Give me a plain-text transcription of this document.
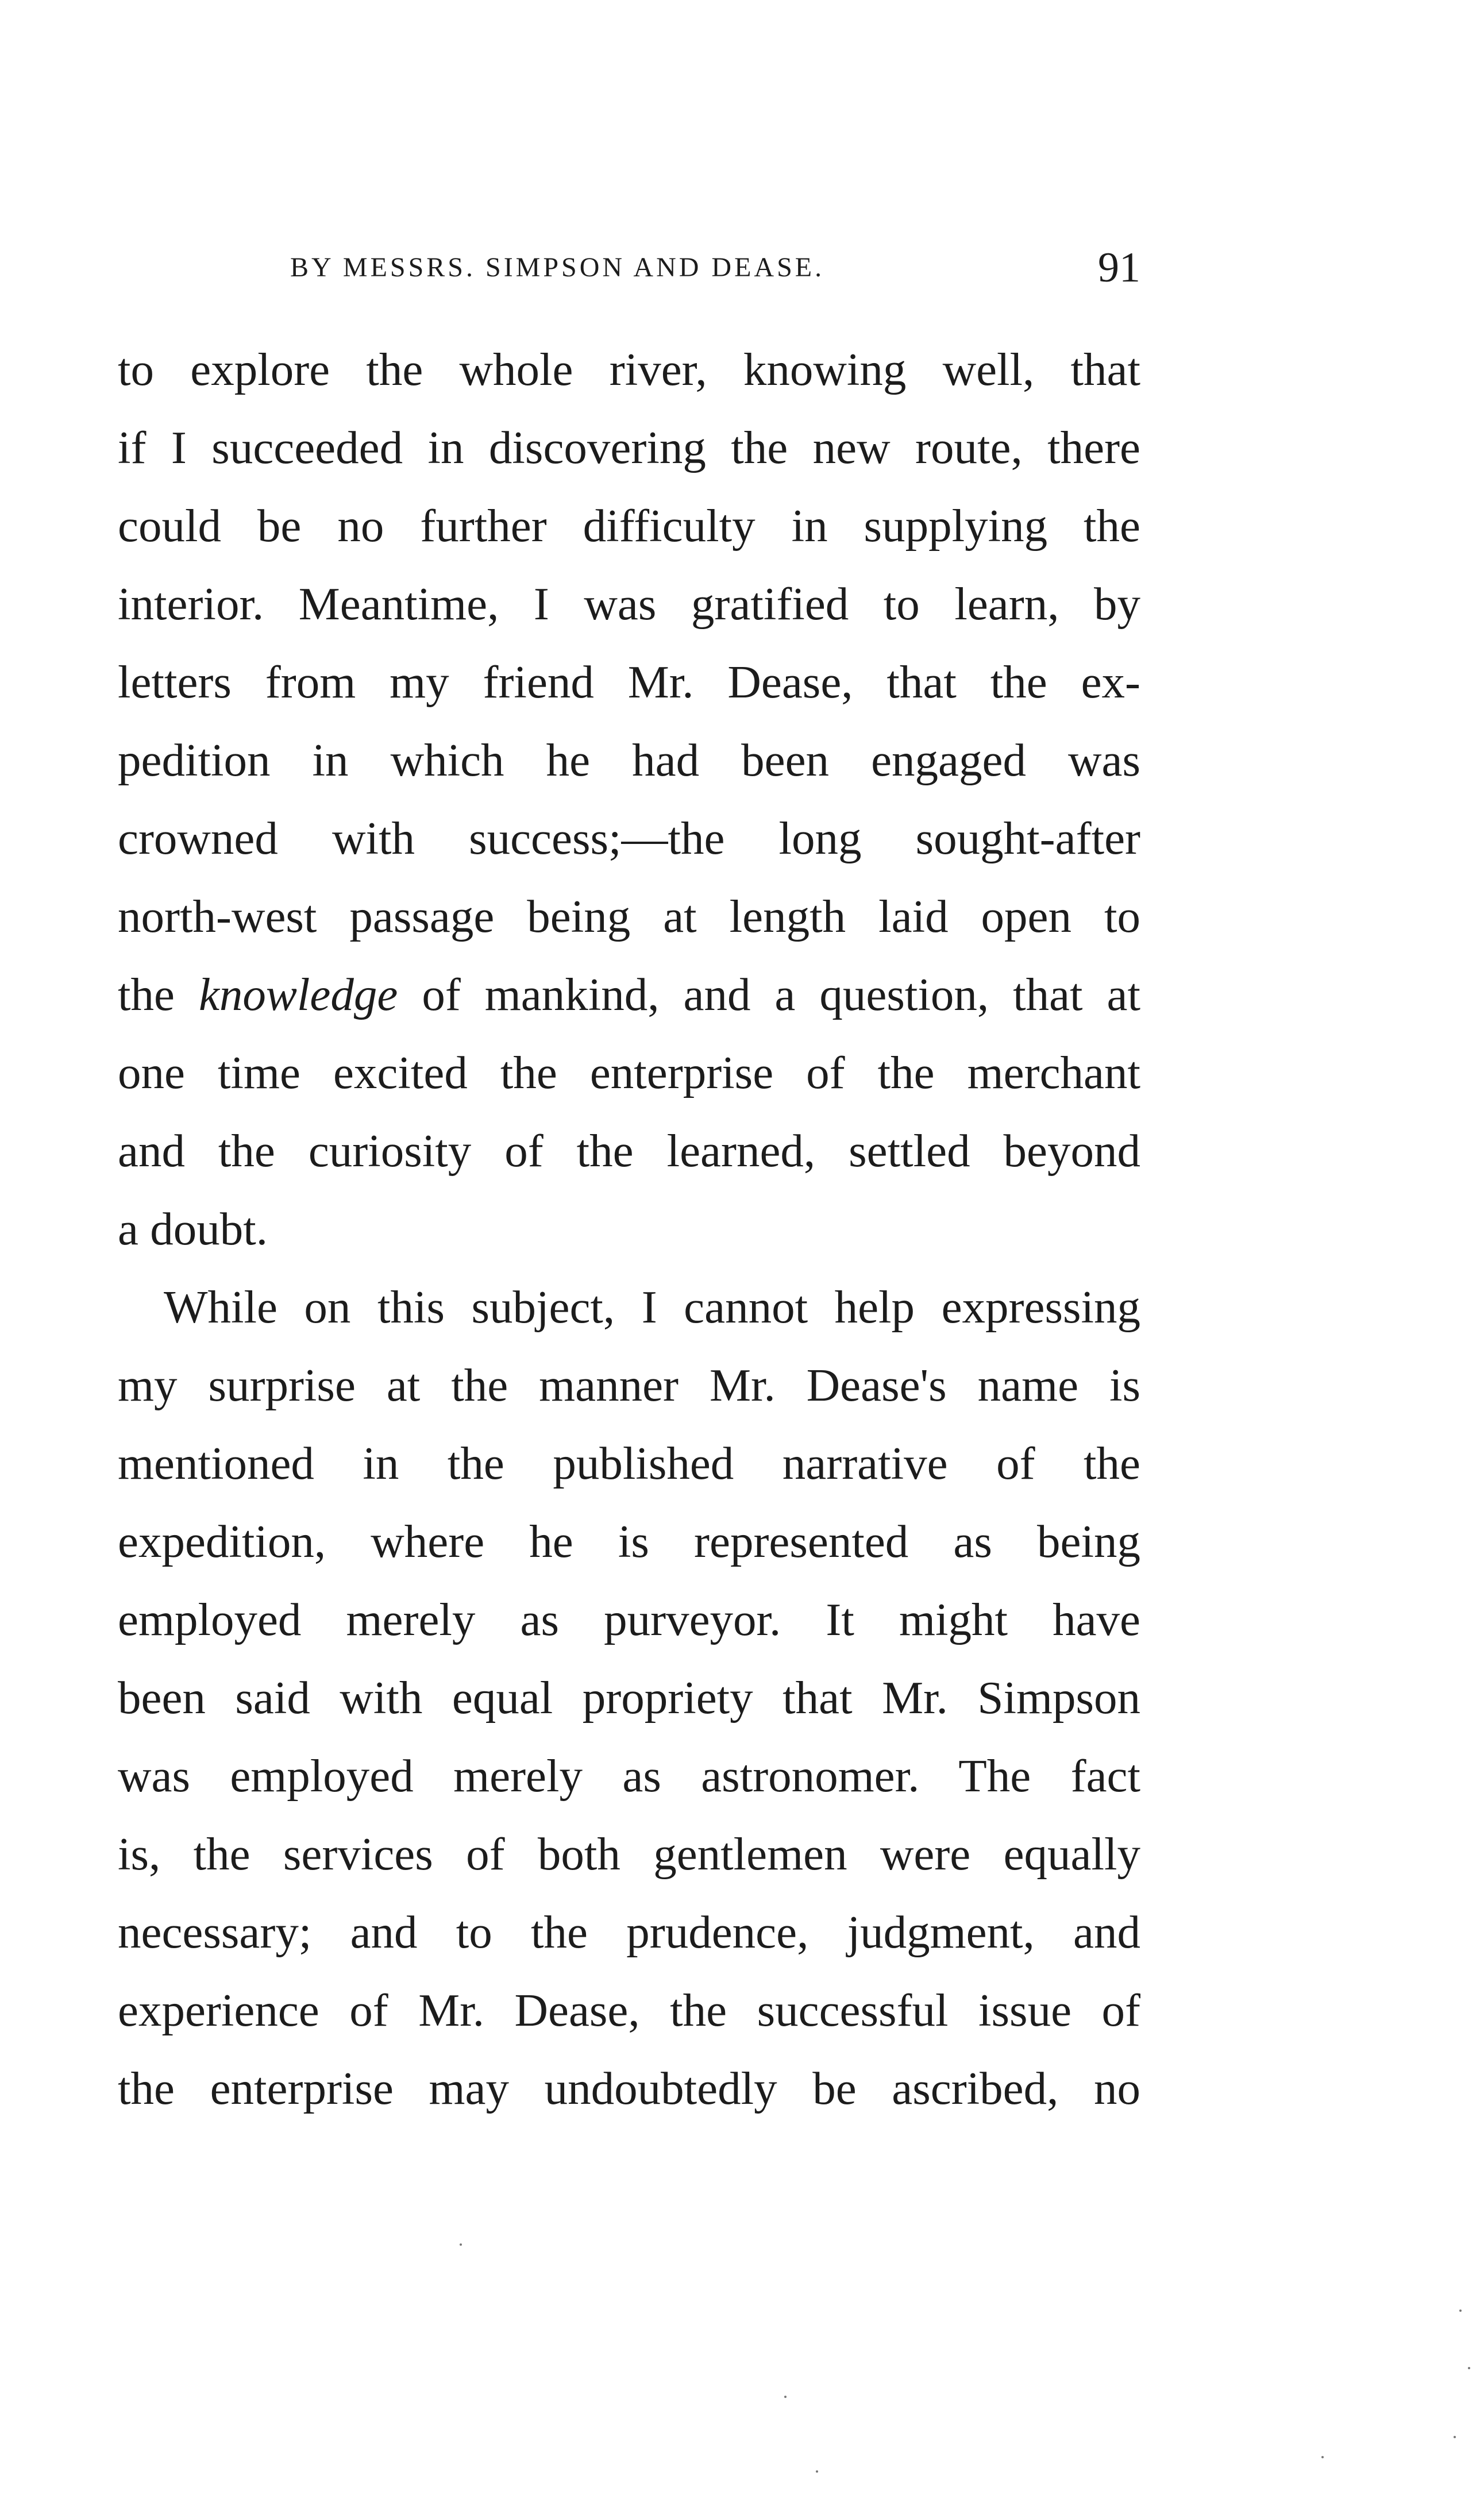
BY MESSRS. SIMPSON AND DEASE.	91
to explore the whole river, knowing well, that
if I succeeded in discovering the new route, there
could be no further difficulty in supplying the
interior. Meantime, I was gratified to learn, by
letters from my friend Mr. Dease, that the ex-
pedition in which he had been engaged was
crowned with success;—the long sought-after
north-west passage being at length laid open to
the knowledge of mankind, and a question, that at
one time excited the enterprise of the merchant
and the curiosity of the learned, settled beyond
a doubt.
While on this subject, I cannot help expressing
my surprise at the manner Mr. Dease's name is
mentioned in the published narrative of the
expedition, where he is represented as being
employed merely as purveyor. It might have
been said with equal propriety that Mr. Simpson
was employed merely as astronomer. The fact
is, the services of both gentlemen were equally
necessary; and to the prudence, judgment, and
experience of Mr. Dease, the successful issue of
the enterprise may undoubtedly be ascribed, no
